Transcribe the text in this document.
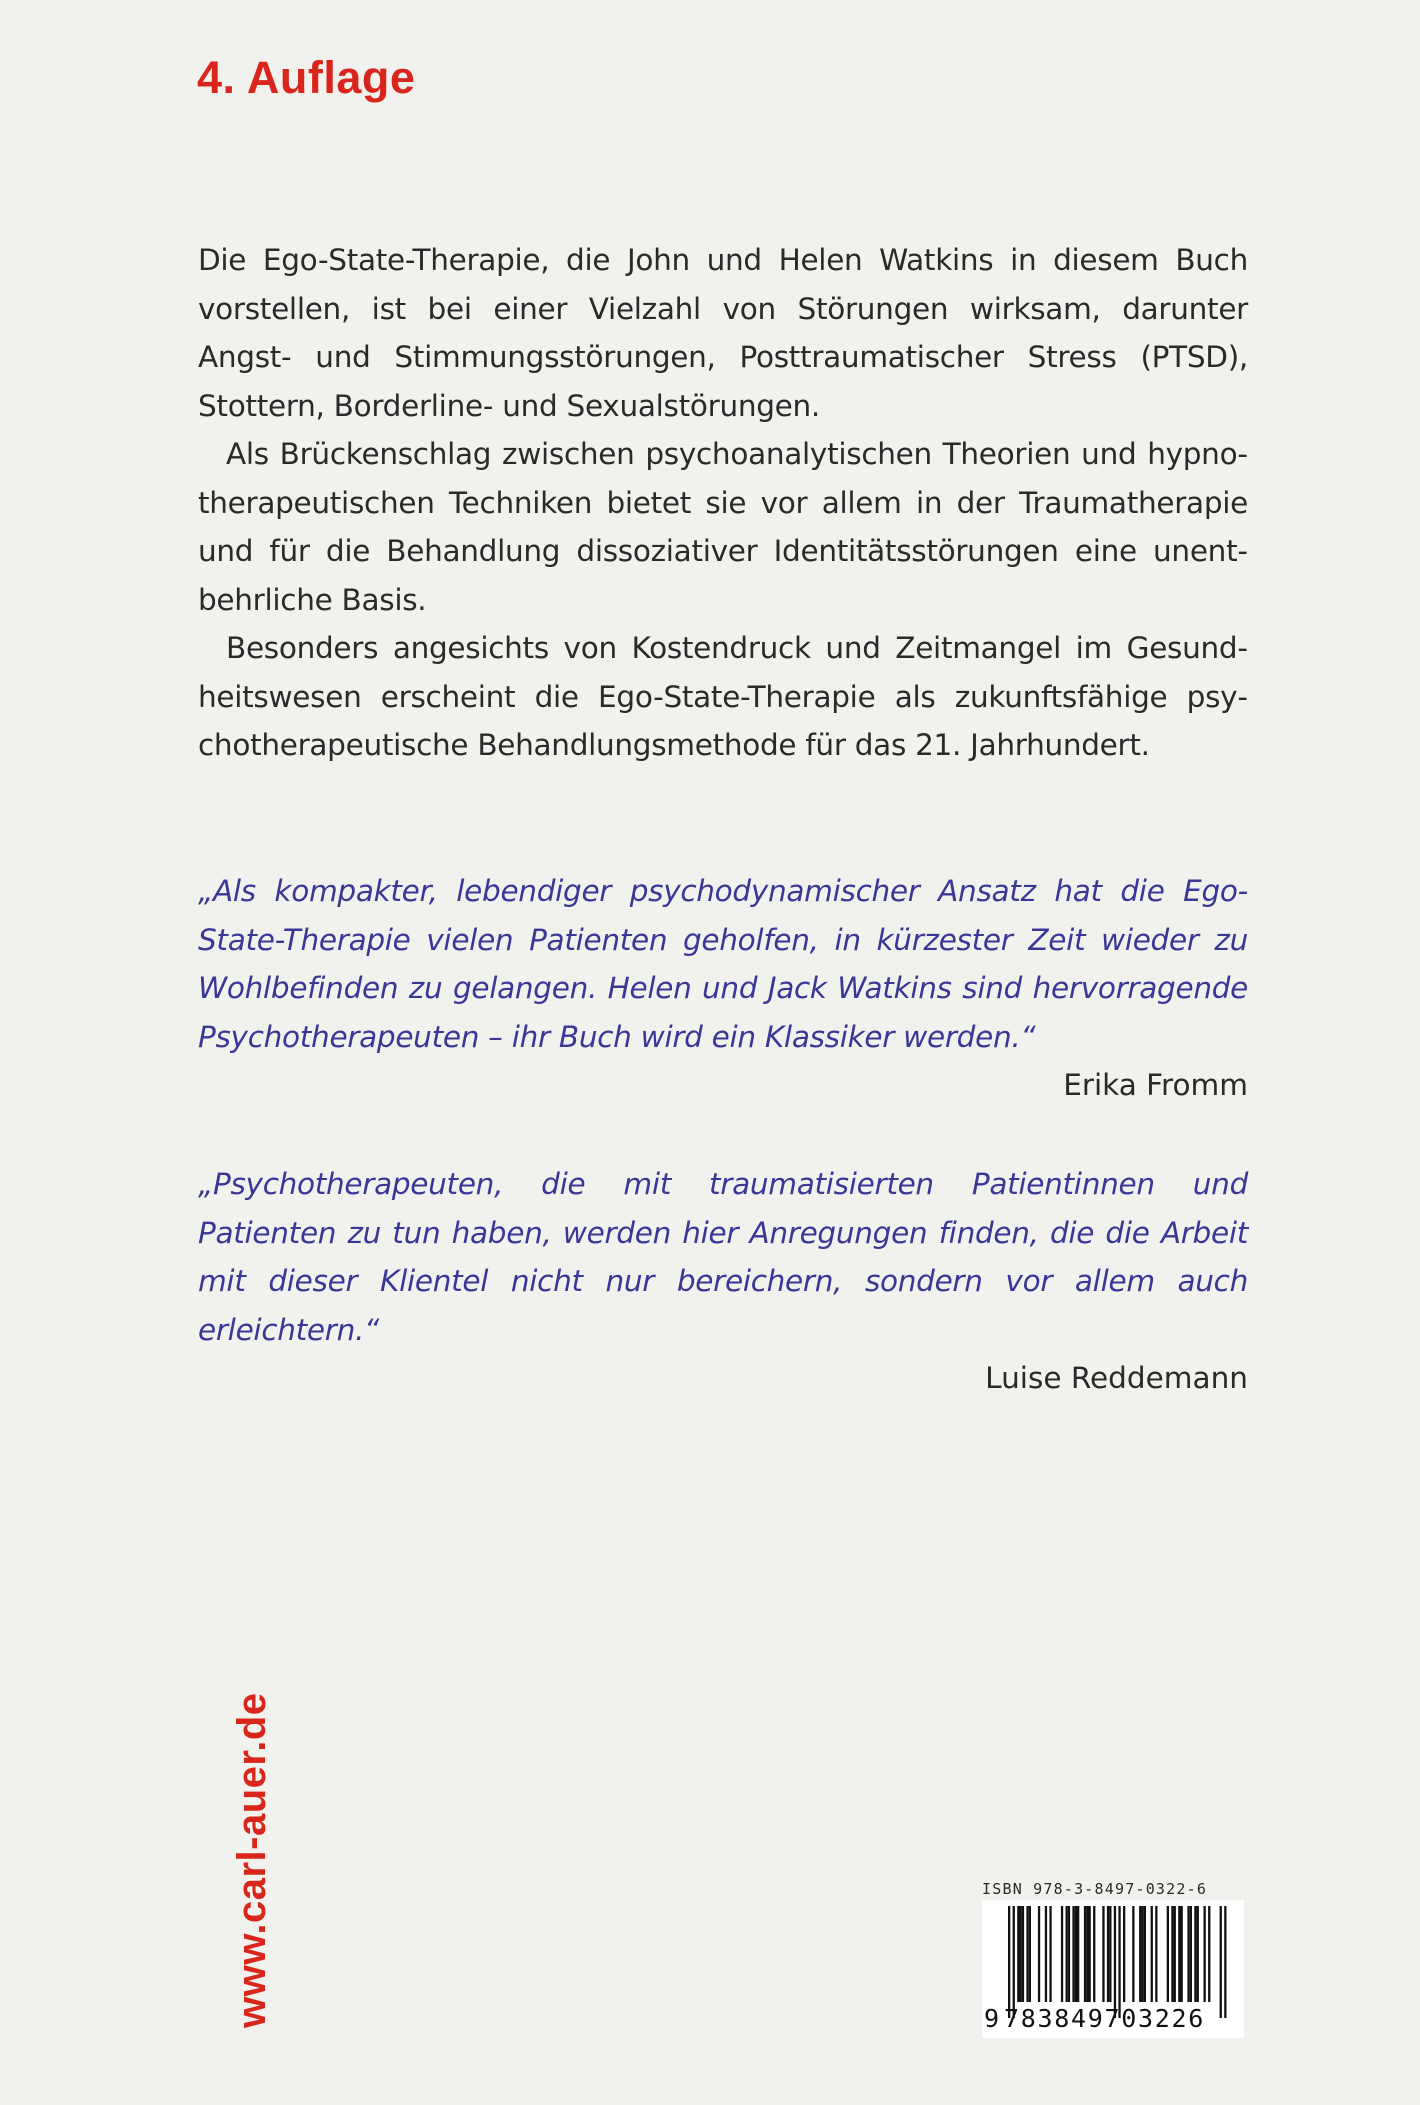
4. Auflage

Die Ego-State-Therapie, die John und Helen Watkins in diesem Buch vorstellen, ist bei einer Vielzahl von Störungen wirksam, darunter Angst- und Stimmungsstörungen, Posttraumatischer Stress (PTSD), Stottern, Borderline- und Sexualstörungen.

Als Brückenschlag zwischen psychoanalytischen Theorien und hypnotherapeutischen Techniken bietet sie vor allem in der Traumatherapie und für die Behandlung dissoziativer Identitätsstörungen eine unentbehrliche Basis.

Besonders angesichts von Kostendruck und Zeitmangel im Gesundheitswesen erscheint die Ego-State-Therapie als zukunftsfähige psychotherapeutische Behandlungsmethode für das 21. Jahrhundert.

„Als kompakter, lebendiger psychodynamischer Ansatz hat die Ego-State-Therapie vielen Patienten geholfen, in kürzester Zeit wieder zu Wohlbefinden zu gelangen. Helen und Jack Watkins sind hervorragende Psychotherapeuten – ihr Buch wird ein Klassiker werden.“

Erika Fromm

„Psychotherapeuten, die mit traumatisierten Patientinnen und Patienten zu tun haben, werden hier Anregungen finden, die die Arbeit mit dieser Klientel nicht nur bereichern, sondern vor allem auch erleichtern.“

Luise Reddemann

www.carl-auer.de	ISBN 978-3-8497-0322-6
9 783849703226
